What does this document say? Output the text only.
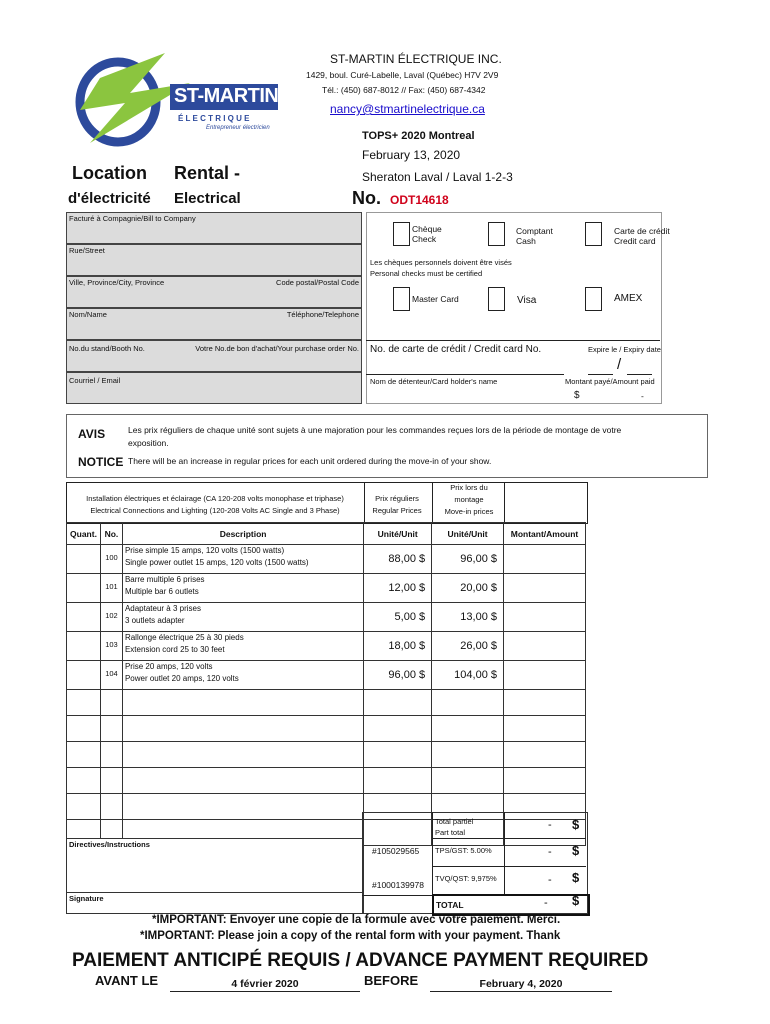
ST-MARTIN
É L E C T R I Q U E
Entrepreneur électricien
ST-MARTIN ÉLECTRIQUE INC.
1429, boul. Curé-Labelle, Laval (Québec) H7V 2V9
Tél.: (450) 687-8012 // Fax: (450) 687-4342
nancy@stmartinelectrique.ca
TOPS+ 2020 Montreal
February 13, 2020
Sheraton Laval / Laval 1-2-3
Location Rental -
d'électricité Electrical	No. ODT14618
Facturé à Compagnie/Bill to Company
Rue/Street
Ville, Province/City, Province	Code postal/Postal Code
Nom/Name	Téléphone/Telephone
No.du stand/Booth No.	Votre No.de bon d'achat/Your purchase order No.
Courriel / Email
Chèque
Check
Comptant
Cash
Carte de crédit
Credit card
Les chèques personnels doivent être visés
Personal checks must be certified
Master Card	Visa	AMEX
No. de carte de crédit / Credit card No.	Expire le / Expiry date
/
Nom de détenteur/Card holder's name	Montant payé/Amount paid
$	-
AVIS	Les prix réguliers de chaque unité sont sujets à une majoration pour les commandes reçues lors de la période de montage de votre exposition.
NOTICE There will be an increase in regular prices for each unit ordered during the move-in of your show.
Installation électriques et éclairage (CA 120-208 volts monophase et triphase)
Electrical Connections and Lighting (120-208 Volts AC Single and 3 Phase)
Prix réguliers
Regular Prices
Prix lors du
montage
Move-in prices
Quant.	No.	Description	Unité/Unit	Unité/Unit	Montant/Amount
	100	Prise simple 15 amps, 120 volts (1500 watts)
Single power outlet 15 amps, 120 volts (1500 watts)	88,00 $	96,00 $	
	101	Barre multiple 6 prises
Multiple bar 6 outlets	12,00 $	20,00 $	
	102	Adaptateur à 3 prises
3 outlets adapter	5,00 $	13,00 $	
	103	Rallonge électrique 25 à 30 pieds
Extension cord 25 to 30 feet	18,00 $	26,00 $	
	104	Prise 20 amps, 120 volts
Power outlet 20 amps, 120 volts	96,00 $	104,00 $	

Total partiel
Part total
- $
Directives/Instructions
#105029565 TPS/GST: 5.00%	- $
#1000139978
TVQ/QST: 9,975%	- $
Signature
TOTAL	- $
*IMPORTANT: Envoyer une copie de la formule avec votre paiement. Merci.
*IMPORTANT: Please join a copy of the rental form with your payment. Thank
PAIEMENT ANTICIPÉ REQUIS / ADVANCE PAYMENT REQUIRED
AVANT LE	4 février 2020	BEFORE	February 4, 2020
